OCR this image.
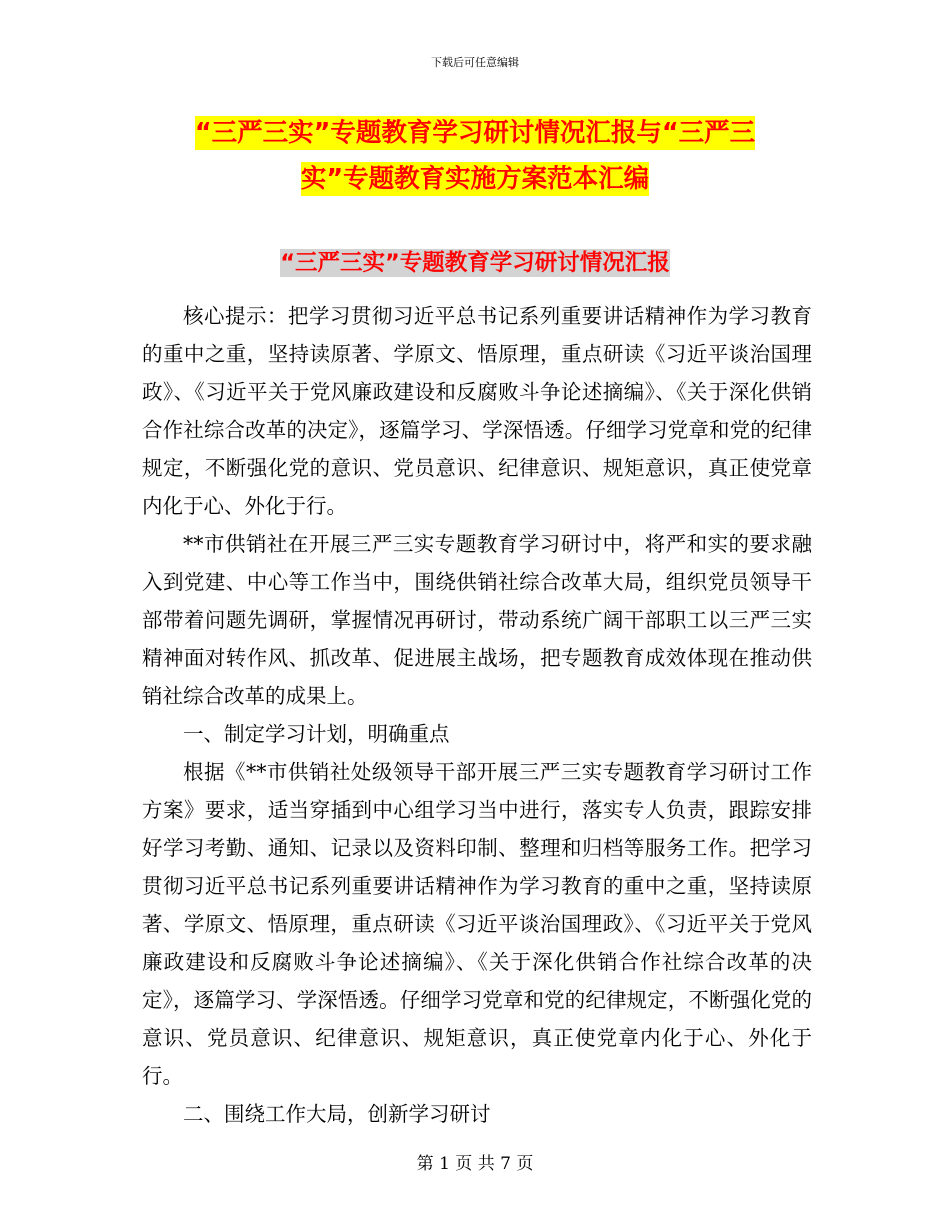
下载后可任意编辑
“三严三实”专题教育学习研讨情况汇报与“三严三
实”专题教育实施方案范本汇编
“三严三实”专题教育学习研讨情况汇报

核心提示：把学习贯彻习近平总书记系列重要讲话精神作为学习教育的重中之重，坚持读原著、学原文、悟原理，重点研读《习近平谈治国理政》、《习近平关于党风廉政建设和反腐败斗争论述摘编》、《关于深化供销合作社综合改革的决定》，逐篇学习、学深悟透。仔细学习党章和党的纪律规定，不断强化党的意识、党员意识、纪律意识、规矩意识，真正使党章内化于心、外化于行。

**市供销社在开展三严三实专题教育学习研讨中，将严和实的要求融入到党建、中心等工作当中，围绕供销社综合改革大局，组织党员领导干部带着问题先调研，掌握情况再研讨，带动系统广阔干部职工以三严三实精神面对转作风、抓改革、促进展主战场，把专题教育成效体现在推动供销社综合改革的成果上。

一、制定学习计划，明确重点

根据《**市供销社处级领导干部开展三严三实专题教育学习研讨工作方案》要求，适当穿插到中心组学习当中进行，落实专人负责，跟踪安排好学习考勤、通知、记录以及资料印制、整理和归档等服务工作。把学习贯彻习近平总书记系列重要讲话精神作为学习教育的重中之重，坚持读原著、学原文、悟原理，重点研读《习近平谈治国理政》、《习近平关于党风廉政建设和反腐败斗争论述摘编》、《关于深化供销合作社综合改革的决定》，逐篇学习、学深悟透。仔细学习党章和党的纪律规定，不断强化党的意识、党员意识、纪律意识、规矩意识，真正使党章内化于心、外化于行。

二、围绕工作大局，创新学习研讨

第 1 页 共 7 页
